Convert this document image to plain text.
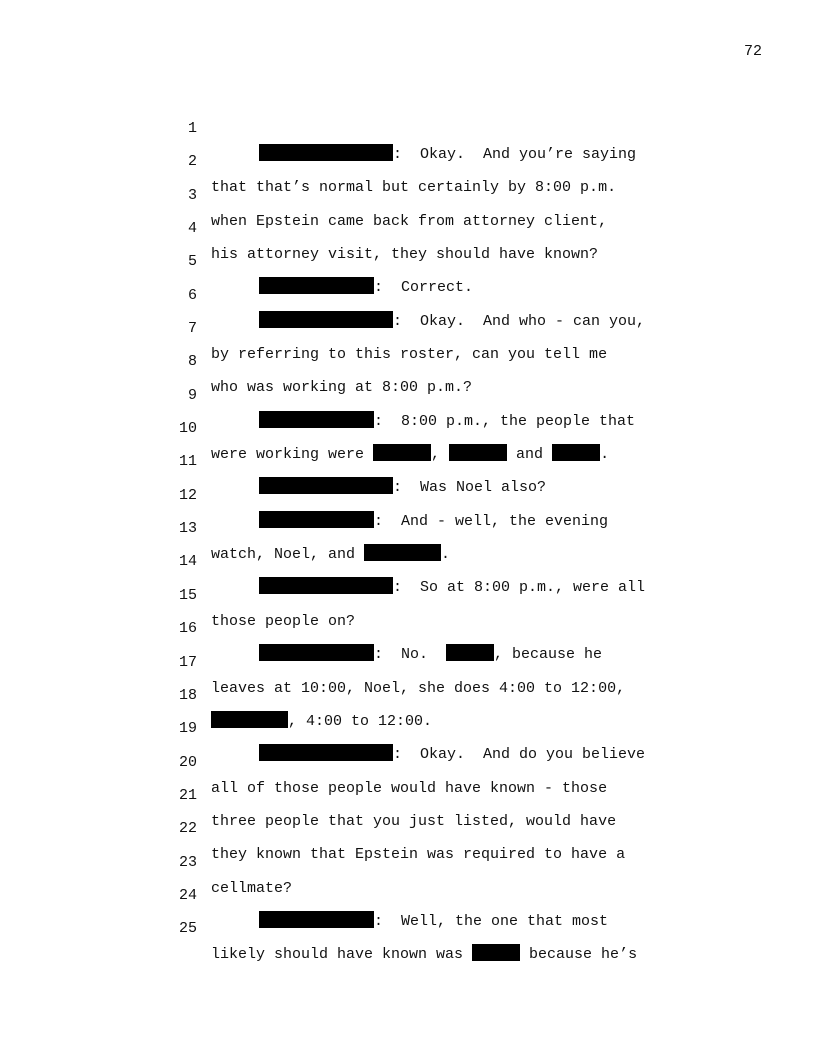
72

1

:  Okay.  And you’re saying

2

that that’s normal but certainly by 8:00 p.m.

3

when Epstein came back from attorney client,

4

his attorney visit, they should have known?

5

:  Correct.

6

:  Okay.  And who - can you,

7

by referring to this roster, can you tell me

8

who was working at 8:00 p.m.?

9

:  8:00 p.m., the people that

10

were working were	,	and	.

11

:  Was Noel also?

12

:  And - well, the evening

13

watch, Noel, and	.

14

:  So at 8:00 p.m., were all

15

those people on?

16

:  No.	, because he

17

leaves at 10:00, Noel, she does 4:00 to 12:00,

18

, 4:00 to 12:00.

19

:  Okay.  And do you believe

20

all of those people would have known - those

21

three people that you just listed, would have

22

they known that Epstein was required to have a

23

cellmate?

24

:  Well, the one that most

25

likely should have known was	because he’s
